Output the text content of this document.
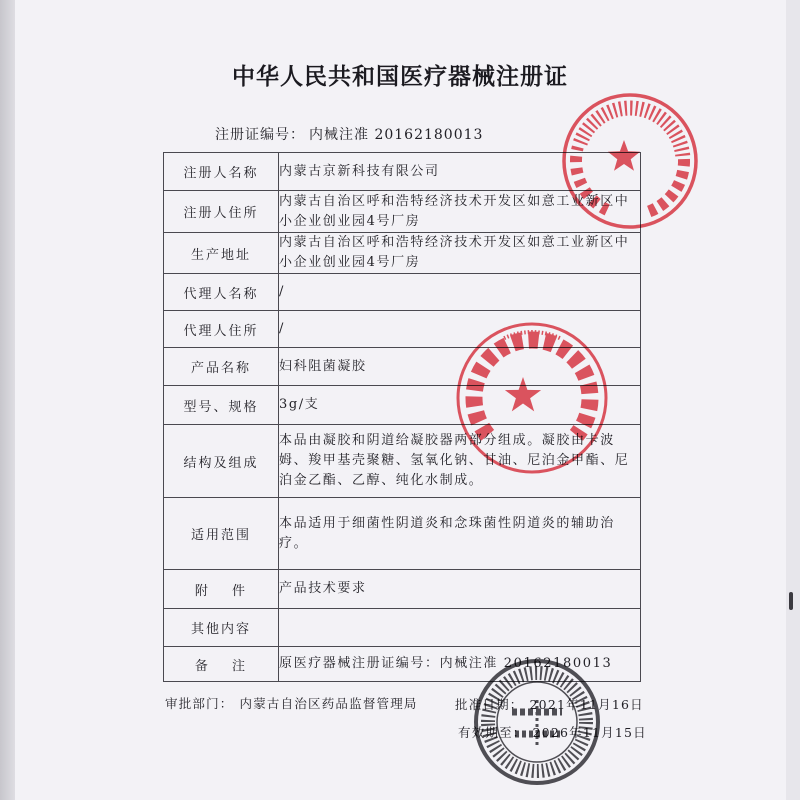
中华人民共和国医疗器械注册证
注册证编号： 内械注准 20162180013
注册人名称	内蒙古京新科技有限公司
注册人住所	内蒙古自治区呼和浩特经济技术开发区如意工业新区中小企业创业园4号厂房
生产地址	内蒙古自治区呼和浩特经济技术开发区如意工业新区中小企业创业园4号厂房
代理人名称	/
代理人住所	/
产品名称	妇科阻菌凝胶
型号、规格	3g/支
结构及组成	本品由凝胶和阴道给凝胶器两部分组成。凝胶由卡波姆、羧甲基壳聚糖、氢氧化钠、甘油、尼泊金甲酯、尼泊金乙酯、乙醇、纯化水制成。
适用范围	本品适用于细菌性阴道炎和念珠菌性阴道炎的辅助治疗。
附 件	产品技术要求
其他内容	
备 注	原医疗器械注册证编号：内械注准 20162180013
审批部门： 内蒙古自治区药品监督管理局	批准日期： 2021年11月16日
有效期至： 2026年11月15日
